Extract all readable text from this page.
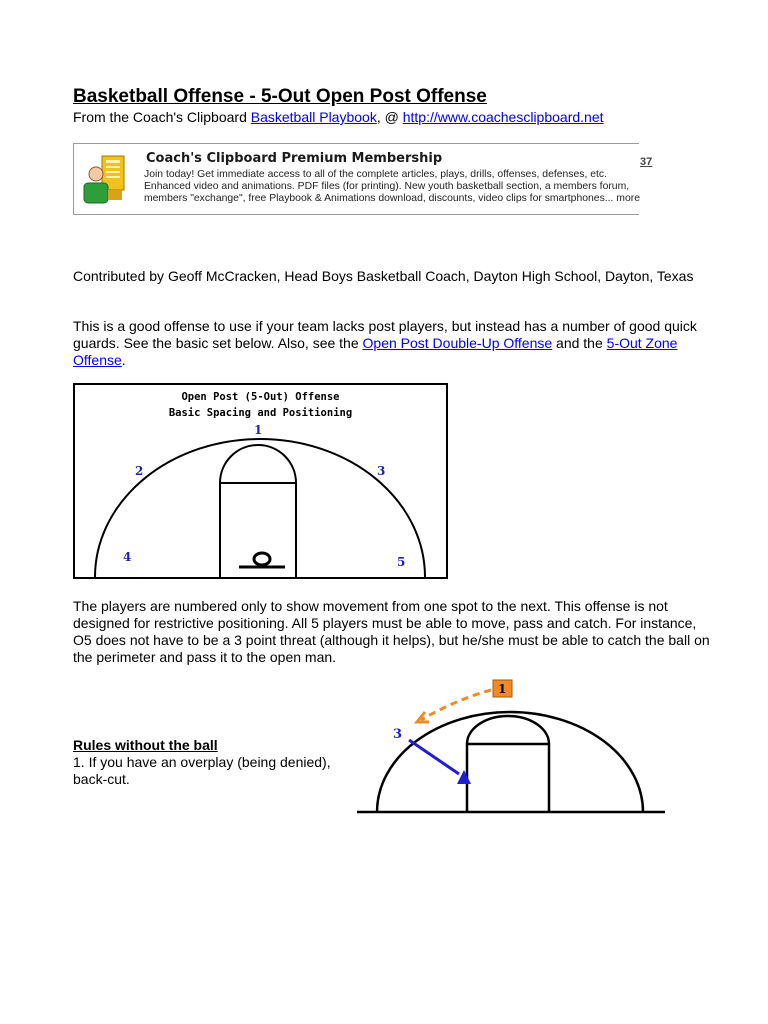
Basketball Offense - 5-Out Open Post Offense
From the Coach's Clipboard Basketball Playbook, @ http://www.coachesclipboard.net
Coach's Clipboard Premium Membership
Join today! Get immediate access to all of the complete articles, plays, drills, offenses, defenses, etc.
Enhanced video and animations. PDF files (for printing). New youth basketball section, a members forum,
members "exchange", free Playbook & Animations download, discounts, video clips for smartphones... more
37
Contributed by Geoff McCracken, Head Boys Basketball Coach, Dayton High School, Dayton, Texas
This is a good offense to use if your team lacks post players, but instead has a number of good quick guards. See the basic set below. Also, see the Open Post Double-Up Offense and the 5-Out Zone Offense.
Open Post (5-Out) Offense
Basic Spacing and Positioning
1
2	3
4	5
The players are numbered only to show movement from one spot to the next. This offense is not designed for restrictive positioning. All 5 players must be able to move, pass and catch. For instance, O5 does not have to be a 3 point threat (although it helps), but he/she must be able to catch the ball on the perimeter and pass it to the open man.
Rules without the ball
1. If you have an overplay (being denied), back-cut.
1
3
